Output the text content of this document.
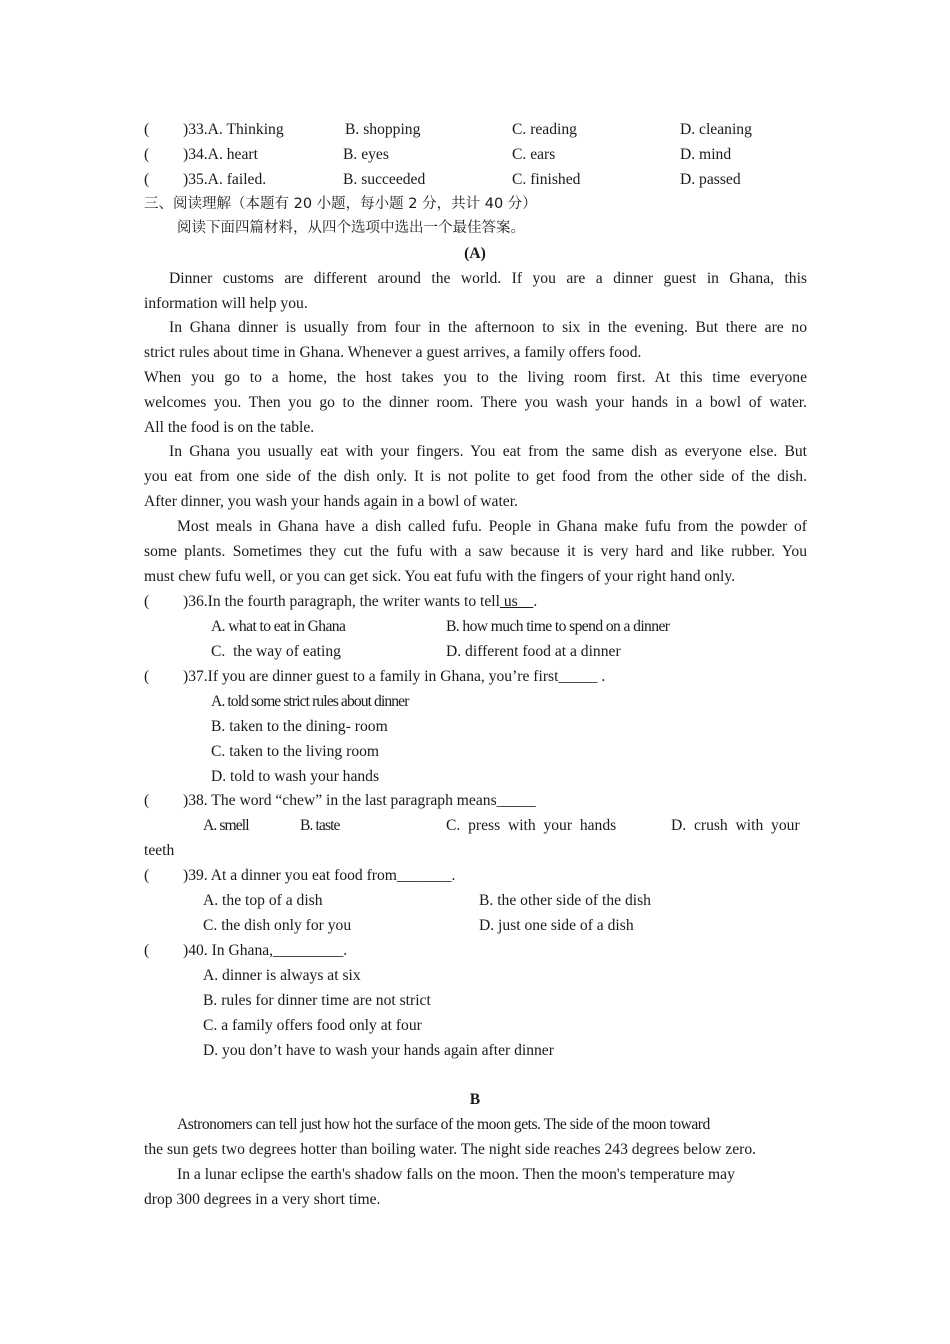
( )33.A. Thinking	B. shopping	C. reading	D. cleaning
( )34.A. heart	B. eyes	C. ears	D. mind
( )35.A. failed.	B. succeeded	C. finished	D. passed
三、阅读理解（本题有 20 小题，每小题 2 分，共计 40 分）
阅读下面四篇材料，从四个选项中选出一个最佳答案。
(A)
Dinner customs are different around the world. If you are a dinner guest in Ghana, this
information will help you.
In Ghana dinner is usually from four in the afternoon to six in the evening. But there are no
strict rules about time in Ghana. Whenever a guest arrives, a family offers food.
When you go to a home, the host takes you to the living room first. At this time everyone
welcomes you. Then you go to the dinner room. There you wash your hands in a bowl of water.
All the food is on the table.
In Ghana you usually eat with your fingers. You eat from the same dish as everyone else. But
you eat from one side of the dish only. It is not polite to get food from the other side of the dish.
After dinner, you wash your hands again in a bowl of water.
Most meals in Ghana have a dish called fufu. People in Ghana make fufu from the powder of
some plants. Sometimes they cut the fufu with a saw because it is very hard and like rubber. You
must chew fufu well, or you can get sick. You eat fufu with the fingers of your right hand only.
( )36.In the fourth paragraph, the writer wants to tell us    .
A. what to eat in Ghana	B. how much time to spend on a dinner
C.  the way of eating	D. different food at a dinner
( )37.If you are dinner guest to a family in Ghana, you’re first_____ .
A. told some strict rules about dinner
B. taken to the dining- room
C. taken to the living room
D. told to wash your hands
( )38. The word “chew” in the last paragraph means_____
A. smell	B. taste	C.  press  with  your  hands	D.  crush  with  your
teeth
( )39. At a dinner you eat food from_______.
A. the top of a dish	B. the other side of the dish
C. the dish only for you	D. just one side of a dish
( )40. In Ghana,_________.
A. dinner is always at six
B. rules for dinner time are not strict
C. a family offers food only at four
D. you don’t have to wash your hands again after dinner
B
Astronomers can tell just how hot the surface of the moon gets. The side of the moon toward
the sun gets two degrees hotter than boiling water. The night side reaches 243 degrees below zero.
In a lunar eclipse the earth's shadow falls on the moon. Then the moon's temperature may
drop 300 degrees in a very short time.
